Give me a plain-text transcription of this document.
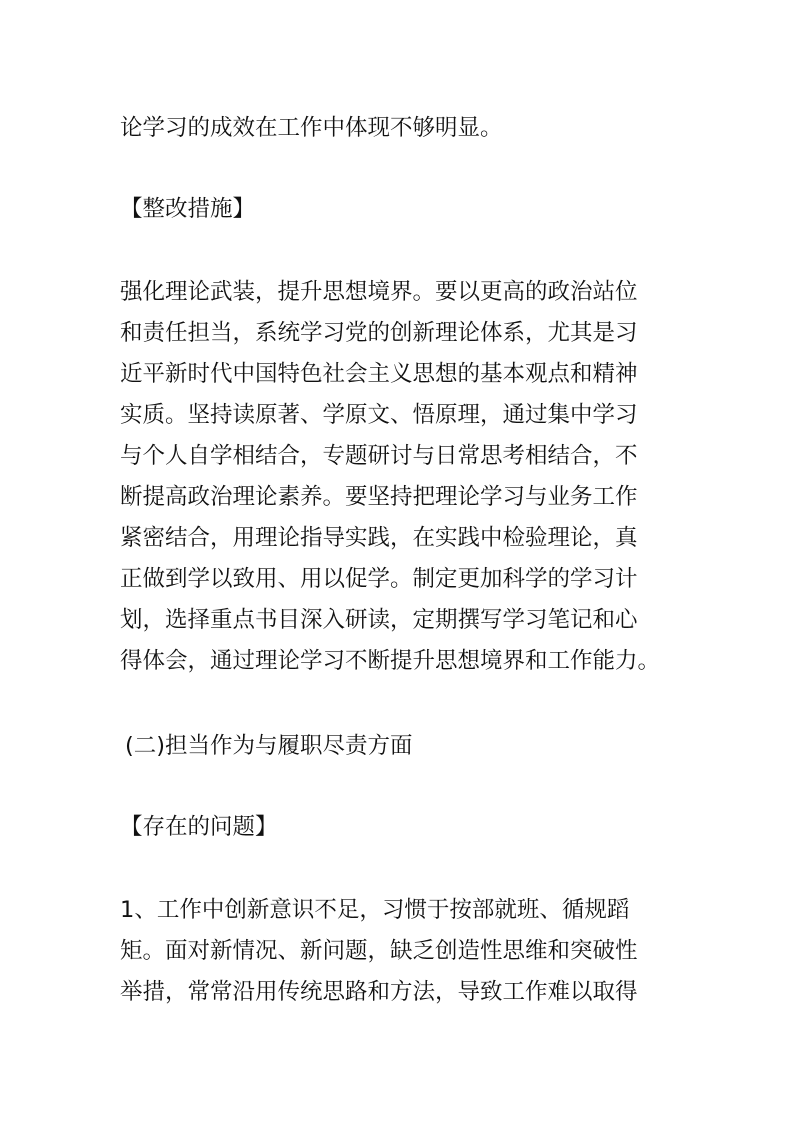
论学习的成效在工作中体现不够明显。
【整改措施】
强化理论武装，提升思想境界。要以更高的政治站位
和责任担当，系统学习党的创新理论体系，尤其是习
近平新时代中国特色社会主义思想的基本观点和精神
实质。坚持读原著、学原文、悟原理，通过集中学习
与个人自学相结合，专题研讨与日常思考相结合，不
断提高政治理论素养。要坚持把理论学习与业务工作
紧密结合，用理论指导实践，在实践中检验理论，真
正做到学以致用、用以促学。制定更加科学的学习计
划，选择重点书目深入研读，定期撰写学习笔记和心
得体会，通过理论学习不断提升思想境界和工作能力。
(二)担当作为与履职尽责方面
【存在的问题】
1、工作中创新意识不足，习惯于按部就班、循规蹈
矩。面对新情况、新问题，缺乏创造性思维和突破性
举措，常常沿用传统思路和方法，导致工作难以取得
